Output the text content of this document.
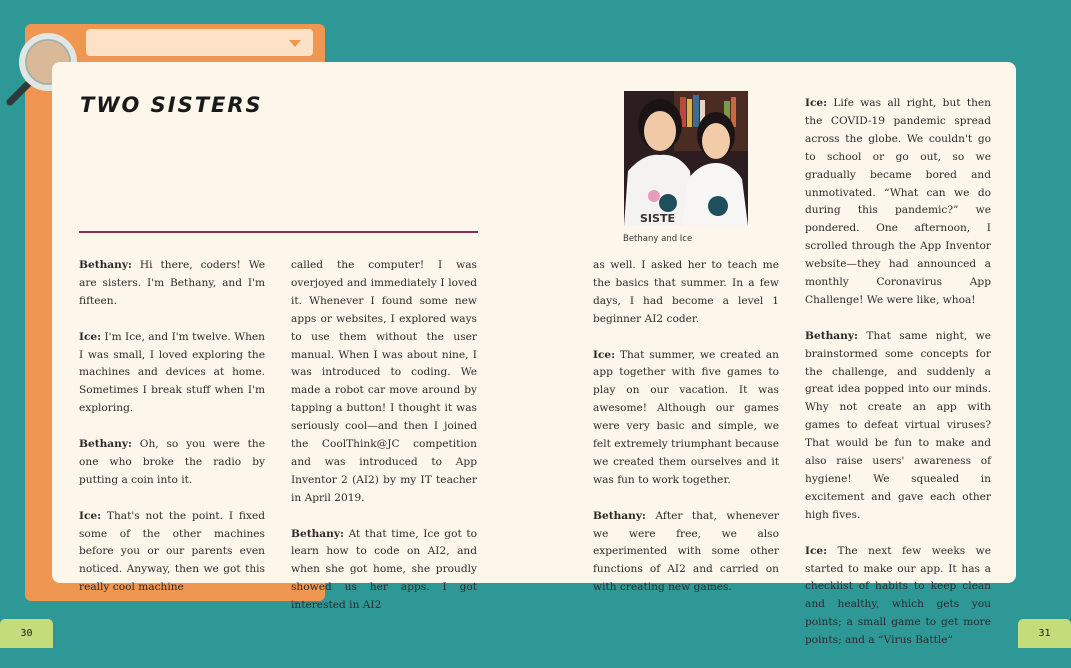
TWO SISTERS

Bethany: Hi there, coders! We are sisters. I'm Bethany, and I'm fifteen.

Ice: I'm Ice, and I'm twelve. When I was small, I loved exploring the machines and devices at home. Sometimes I break stuff when I'm exploring.

Bethany: Oh, so you were the one who broke the radio by putting a coin into it.

Ice: That's not the point. I fixed some of the other machines before you or our parents even noticed. Anyway, then we got this really cool machine

called the computer! I was overjoyed and immediately I loved it. Whenever I found some new apps or websites, I explored ways to use them without the user manual. When I was about nine, I was introduced to coding. We made a robot car move around by tapping a button! I thought it was seriously cool—and then I joined the CoolThink@JC competition and was introduced to App Inventor 2 (AI2) by my IT teacher in April 2019.

Bethany: At that time, Ice got to learn how to code on AI2, and when she got home, she proudly showed us her apps. I got interested in AI2

as well. I asked her to teach me the basics that summer. In a few days, I had become a level 1 beginner AI2 coder.

Ice: That summer, we created an app together with five games to play on our vacation. It was awesome! Although our games were very basic and simple, we felt extremely triumphant because we created them ourselves and it was fun to work together.

Bethany: After that, whenever we were free, we also experimented with some other functions of AI2 and carried on with creating new games.

Ice: Life was all right, but then the COVID-19 pandemic spread across the globe. We couldn't go to school or go out, so we gradually became bored and unmotivated. “What can we do during this pandemic?” we pondered. One afternoon, I scrolled through the App Inventor website—they had announced a monthly Coronavirus App Challenge! We were like, whoa!

Bethany: That same night, we brainstormed some concepts for the challenge, and suddenly a great idea popped into our minds. Why not create an app with games to defeat virtual viruses? That would be fun to make and also raise users' awareness of hygiene! We squealed in excitement and gave each other high fives.

Ice: The next few weeks we started to make our app. It has a checklist of habits to keep clean and healthy, which gets you points; a small game to get more points; and a “Virus Battle”

SISTE
Bethany and Ice
30	31
